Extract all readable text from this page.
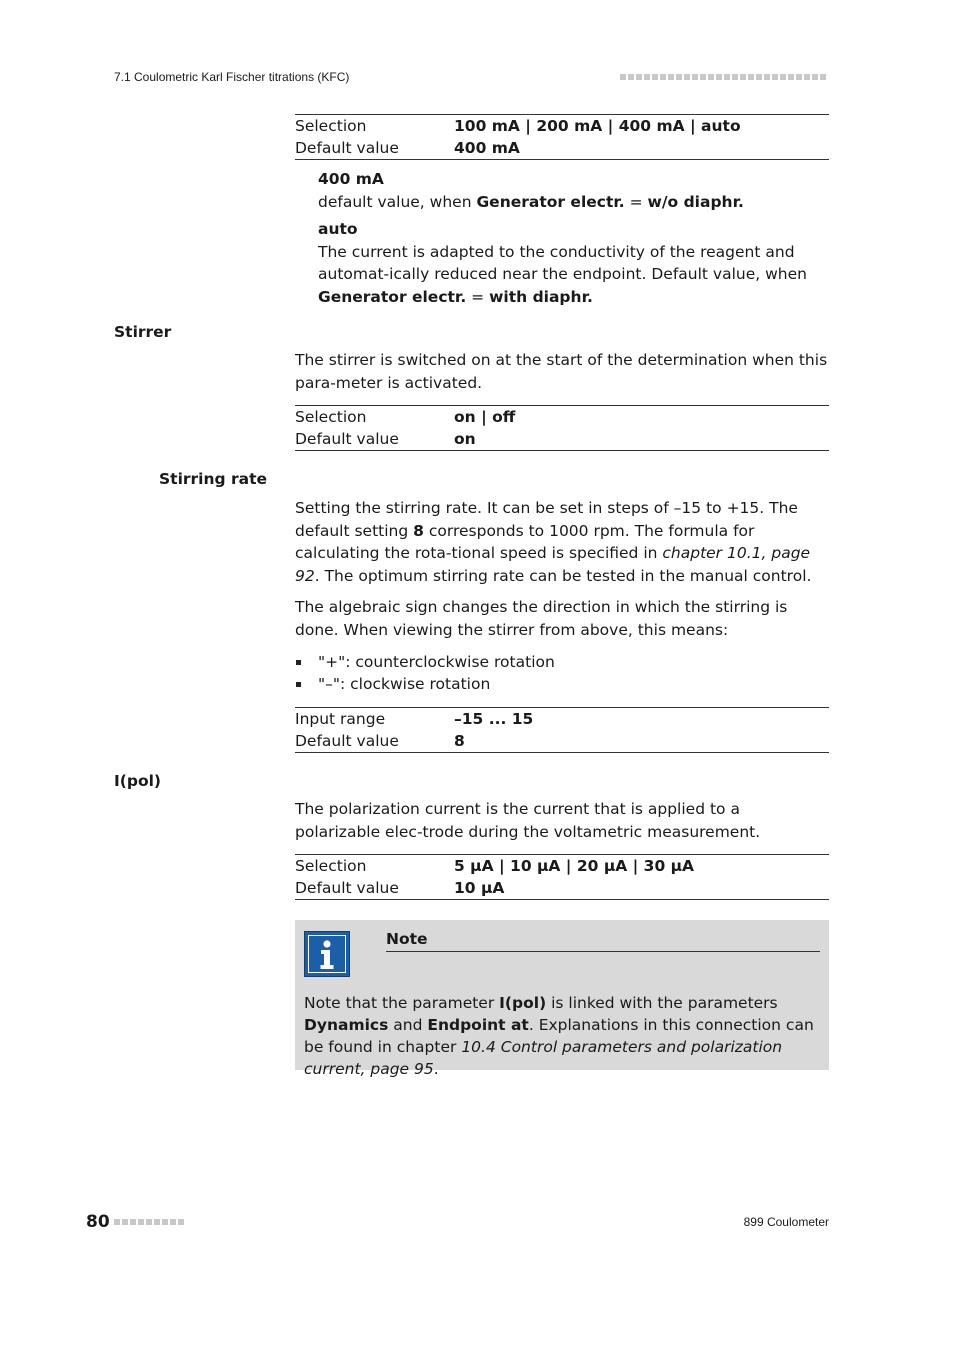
7.1 Coulometric Karl Fischer titrations (KFC)
Selection	100 mA | 200 mA | 400 mA | auto
Default value	400 mA
400 mA
default value, when Generator electr. = w/o diaphr.
auto
The current is adapted to the conductivity of the reagent and automat-ically reduced near the endpoint. Default value, when Generator electr. = with diaphr.
Stirrer
The stirrer is switched on at the start of the determination when this para-meter is activated.
Selection	on | off
Default value	on
Stirring rate
Setting the stirring rate. It can be set in steps of –15 to +15. The default setting 8 corresponds to 1000 rpm. The formula for calculating the rota-tional speed is specified in chapter 10.1, page 92. The optimum stirring rate can be tested in the manual control.
The algebraic sign changes the direction in which the stirring is done. When viewing the stirrer from above, this means:
"+": counterclockwise rotation
"–": clockwise rotation
Input range	–15 ... 15
Default value	8
I(pol)
The polarization current is the current that is applied to a polarizable elec-trode during the voltametric measurement.
Selection	5 µA | 10 µA | 20 µA | 30 µA
Default value	10 µA
Note
Note that the parameter I(pol) is linked with the parameters Dynamics and Endpoint at. Explanations in this connection can be found in chapter 10.4 Control parameters and polarization current, page 95.
80	899 Coulometer
